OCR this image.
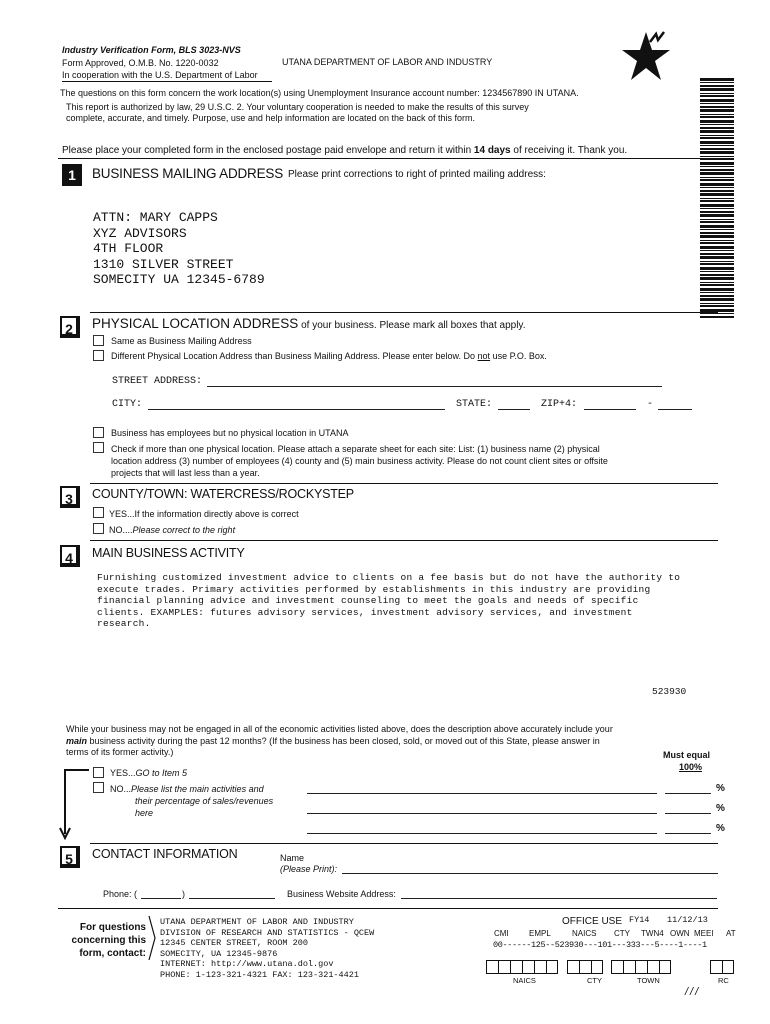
Industry Verification Form, BLS 3023-NVS
Form Approved, O.M.B. No. 1220-0032
In cooperation with the U.S. Department of Labor
UTANA DEPARTMENT OF LABOR AND INDUSTRY
The questions on this form concern the work location(s) using Unemployment Insurance account number: 1234567890 IN UTANA.
This report is authorized by law, 29 U.S.C. 2. Your voluntary cooperation is needed to make the results of this survey
complete, accurate, and timely. Purpose, use and help information are located on the back of this form.
Please place your completed form in the enclosed postage paid envelope and return it within 14 days of receiving it. Thank you.
1	BUSINESS MAILING ADDRESS Please print corrections to right of printed mailing address:
ATTN: MARY CAPPS
XYZ ADVISORS
4TH FLOOR
1310 SILVER STREET
SOMECITY UA 12345-6789
2	PHYSICAL LOCATION ADDRESS of your business. Please mark all boxes that apply.
Same as Business Mailing Address
Different Physical Location Address than Business Mailing Address. Please enter below. Do not use P.O. Box.
STREET ADDRESS:
CITY:	STATE:	ZIP+4:	-
Business has employees but no physical location in UTANA
Check if more than one physical location. Please attach a separate sheet for each site: List: (1) business name (2) physical
location address (3) number of employees (4) county and (5) main business activity. Please do not count client sites or offsite
projects that will last less than a year.
3	COUNTY/TOWN: WATERCRESS/ROCKYSTEP
YES...If the information directly above is correct
NO....Please correct to the right
4	MAIN BUSINESS ACTIVITY
Furnishing customized investment advice to clients on a fee basis but do not have the authority to
execute trades. Primary activities performed by establishments in this industry are providing
financial planning advice and investment counseling to meet the goals and needs of specific
clients. EXAMPLES: futures advisory services, investment advisory services, and investment
research.
523930
While your business may not be engaged in all of the economic activities listed above, does the description above accurately include your
main business activity during the past 12 months? (If the business has been closed, sold, or moved out of this State, please answer in
terms of its former activity.)	Must equal
100%
YES...GO to Item 5
NO...Please list the main activities and
their percentage of sales/revenues
here
%
%
%
5	CONTACT INFORMATION	Name
(Please Print):
Phone: (	)	Business Website Address:
For questions
concerning this
form, contact:
UTANA DEPARTMENT OF LABOR AND INDUSTRY
DIVISION OF RESEARCH AND STATISTICS - QCEW
12345 CENTER STREET, ROOM 200
SOMECITY, UA 12345-9876
INTERNET: http://www.utana.dol.gov
PHONE: 1-123-321-4321 FAX: 123-321-4421
OFFICE USE FY14 11/12/13
CMI	EMPL	NAICS CTY TWN4 OWN MEEI AT
00------125--523930---101---333---5----1----1
NAICS	CTY	TOWN	RC
///
